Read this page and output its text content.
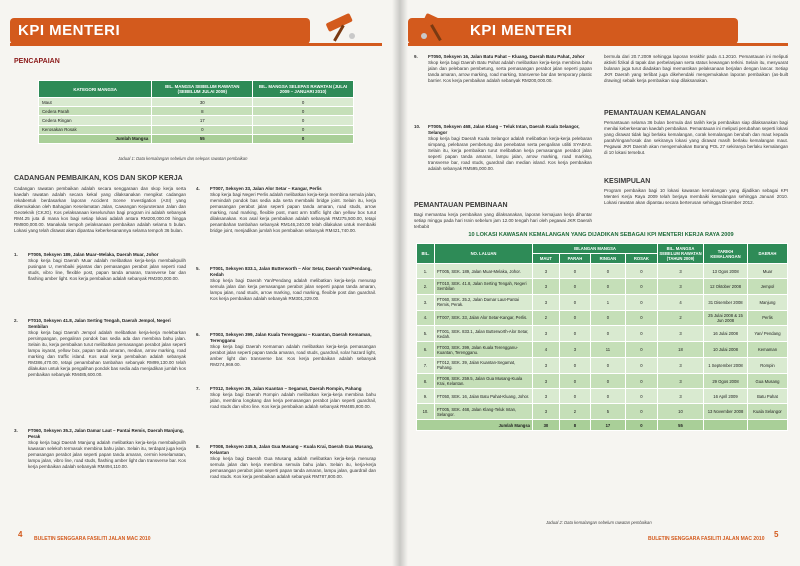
KPI MENTERI
PENCAPAIAN
KATEGORI MANGSA	BIL. MANGSA SEBELUM RAWATAN (SEBELUM JULAI 2009)	BIL. MANGSA SELEPAS RAWATAN (JULAI 2009 – JANUARI 2010)
Maut	30	0
Cedera Parah	8	0
Cedera Ringan	17	0
Kerosakan Rosak	0	0
Jumlah Mangsa	55	0
Jadual 1: Data kemalangan sebelum dan selepas rawatan pembaikan
CADANGAN PEMBAIKAN, KOS DAN SKOP KERJA
Cadangan rawatan pembaikan adalah secara senggaraan dan skop kerja serta kaedah rawatan adalah secara kekal yang dilaksanakan mengikut cadangan rekabentuk berdasarkan laporan Accident Scene Investigation (ASI) yang dikemukakan oleh Bahagian Keselamatan Jalan, Cawangan Kejuruteraan Jalan dan Geoteknik (CKJG). Kos pelaksanaan keseluruhan bagi program ini adalah sebanyak RM4.25 juta di mana kos bagi setiap lokasi adalah antara RM200,000.00 hingga RM800,000.00. Manakala tempoh pelaksanaan pembaikan adalah selama 5 bulan. Lokasi yang telah dirawat akan dipantau keberkesanannya selama tempoh 36 bulan.
1. FT005, Seksyen 189, Jalan Muar–Melaka, Daerah Muar, Johor
Skop kerja bagi Daerah Muar adalah melibatkan kerja-kerja membaikpulih pusingan U, membaiki jejantas dan pemasangan perabot jalan seperti road studs, vibro line, flexible post, papan tanda amaran, transverse bar dan flashing amber light. Kos kerja pembaikan adalah sebanyak RM200,000.00.
2. FT010, Seksyen 41.8, Jalan Serting Tengah, Daerah Jempol, Negeri Sembilan
Skop kerja bagi Daerah Jempol adalah melibatkan kerja-kerja melebarkan persimpangan, pengaliran pondok bas sedia ada dan membina bahu jalan. Selain itu, kerja pembaikan turut melibatkan pemasangan perabot jalan seperti lampu isyarat, yellow box, papan tanda amaran, median, arrow marking, road marking dan traffic island. Kos asal kerja pembaikan adalah sebanyak RM386,470.00, tetapi penambahan tambahan sebanyak RM99,130.00 telah dilakukan untuk kerja pengalihan pondok bas sedia ada menjadikan jumlah kos pembaikan sebanyak RM485,600.00.
3. FT060, Seksyen 35.2, Jalan Damar Laut – Pantai Remis, Daerah Manjung, Perak
Skop kerja bagi Daerah Manjung adalah melibatkan kerja-kerja membaikpulih kawasan selekoh termasuk membina bahu jalan. Selain itu, terdapat juga kerja pemasangan perabot jalan seperti papan tanda amaran, cermin keselamatan, lampu jalan, vibro line, road studs, flashing amber light dan transverse bar. Kos kerja pembaikan adalah sebanyak RM494,110.00.
4. FT007, Seksyen 33, Jalan Alor Setar – Kangar, Perlis
Skop kerja bagi Negeri Perlis adalah melibatkan kerja-kerja membina semula jalan, memindah pondok bas sedia ada serta membaiki bridge joint. Selain itu, kerja pemasangan perabot jalan seperti papan tanda amaran, road studs, arrow marking, road marking, flexible post, mast arm traffic light dan yellow box turut dilaksanakan. Kos asal kerja pembaikan adalah sebanyak RM275,500.00, tetapi penambahan tambahan sebanyak RM146,240.00 telah dilakukan untuk membaiki bridge joint, menjadikan jumlah kos pembaikan sebanyak RM421,740.00.
5. FT001, Seksyen 833.1, Jalan Butterworth – Alor Setar, Daerah Yan/Pendang, Kedah
Skop kerja bagi Daerah Yan/Pendang adalah melibatkan kerja-kerja menurap semula jalan dan kerja pemasangan perabot jalan seperti papan tanda amaran, lampu jalan, road studs, arrow marking, road marking, flexible post dan guardrail. Kos kerja pembaikan adalah sebanyak RM301,229.00.
6. FT003, Seksyen 399, Jalan Kuala Terengganu – Kuantan, Daerah Kemaman, Terengganu
Skop kerja bagi Daerah Kemaman adalah melibatkan kerja-kerja pemasangan perabot jalan seperti papan tanda amaran, road studs, guardrail, solar hazard light, amber light dan transverse bar. Kos kerja pembaikan adalah sebanyak RM274,969.00.
7. FT012, Seksyen 39, Jalan Kuantan – Segamat, Daerah Rompin, Pahang
Skop kerja bagi Daerah Rompin adalah melibatkan kerja-kerja membina bahu jalan, membina longkang dan kerja pemasangan perabot jalan seperti guardrail, road studs dan vibro line. Kos kerja pembaikan adalah sebanyak RM485,800.00.
8. FT008, Seksyen 245.5, Jalan Gua Musang – Kuala Krai, Daerah Gua Musang, Kelantan
Skop kerja bagi Daerah Gua Musang adalah melibatkan kerja-kerja menurap semula jalan dan kerja membina semula bahu jalan. Selain itu, kerja-kerja pemasangan perabot jalan seperti papan tanda amaran, lampu jalan, guardrail dan road studs. Kos kerja pembaikan adalah sebanyak RM787,800.00.
4 BULETIN SENGGARA FASILITI JALAN MAC 2010
KPI MENTERI
9. FT050, Seksyen 16, Jalan Batu Pahat – Kluang, Daerah Batu Pahat, Johor
Skop kerja bagi Daerah Batu Pahat adalah melibatkan kerja-kerja membina bahu jalan dan pelebaran pembetung, serta pemasangan perabot jalan seperti papan tanda amaran, arrow marking, road marking, transverse bar dan temporary plastic barrier. Kos kerja pembaikan adalah sebanyak RM200,000.00.
10. FT005, Seksyen 468, Jalan Klang – Teluk Intan, Daerah Kuala Selangor, Selangor
Skop kerja bagi Daerah Kuala Selangor adalah melibatkan kerja-kerja pelebaran simpang, pelebaran pembetung dan penebatan serta pengaliran utiliti SYABAS. Selain itu, kerja pembaikan turut melibatkan kerja pemasangan perabot jalan seperti papan tanda amaran, lampu jalan, arrow marking, road marking, transverse bar, road studs, guardrail dan median island. Kos kerja pembaikan adalah sebanyak RM595,000.00.
PEMANTAUAN PEMBINAAN
Bagi memantau kerja pembaikan yang dilaksanakan, laporan kemajuan kerja dihantar setiap minggu pada hari Isnin sebelum jam 12.00 tengah hari oleh pegawai JKR Daerah terbabit
bermula dari 20.7.2009 sehingga laporan terakhir pada 4.1.2010. Pemantauan ini meliputi aktiviti fizikal di tapak dan perbelanjaan serta status kewangan terkini. Selain itu, mesyuarat bulanan juga turut diadakan bagi memastikan pelaksanaan berjalan dengan lancar. Setiap JKR Daerah yang terlibat juga dikehendaki mengemukakan laporan pembaikan (as-built drawing) sebaik kerja pembaikan siap dilaksanakan.
PEMANTAUAN KEMALANGAN
Pemantauan selama 36 bulan bermula dari tarikh kerja pembaikan siap dilaksanakan bagi menilai keberkesanan kaedah pembaikan. Pemantauan ini meliputi perubahan seperti lokasi yang dirawat tidak lagi berlaku kemalangan, corak kemalangan berubah dan maut kepada parah/ringan/rosak dan sekiranya lokasi yang dirawat masih berlaku kemalangan maut. Pegawai JKR Daerah akan mengemukakan Borang POL 27 sekiranya berlaku kemalangan di 10 lokasi tersebut.
KESIMPULAN
Program pembaikan bagi 10 lokasi kawasan kemalangan yang dijadikan sebagai KPI Menteri Kerja Raya 2009 telah berjaya membaiki kemalangan sehingga Januari 2010. Lokasi rawatan akan dipantau secara berterusan sehingga Disember 2012.
10 LOKASI KAWASAN KEMALANGAN YANG DIJADIKAN SEBAGAI KPI MENTERI KERJA RAYA 2009
BIL.	NO. LALUAN	BILANGAN MANGSA				BIL. MANGSA SEBELUM RAWATAN (TAHUN 2009)	TARIKH KEMALANGAN	DAERAH
		MAUT	PARAH	RINGAN	ROSAK			
1.	FT005, SEK. 189, Jalan Muar-Melaka, Johor.	3	0	0	0	3	13 Ogos 2008	Muar
2.	FT010, SEK. 41.8, Jalan Serting Tengah, Negeri Sembilan	3	0	0	0	3	12 Oktober 2008	Jempol
3.	FT060, SEK. 35.2, Jalan Damar Laut-Pantai Remis, Perak.	3	0	1	0	4	31 Disember 2008	Manjung
4.	FT007, SEK. 33, Jalan Alor Setar-Kangar, Perlis.	2	0	0	0	2	25 Julai 2008 & 15 Jun 2008	Perlis
5.	FT001, SEK. 833.1, Jalan Butterworth-Alor Setar, Kedah.	3	0	0	0	3	16 Julai 2008	Yan/ Pendang
6.	FT003, SEK. 399, Jalan Kuala Terengganu-Kuantan, Terengganu.	4	3	11	0	18	10 Julai 2008	Kemaman
7.	FT012, SEK. 39, Jalan Kuantan-Segamat, Pahang.	3	0	0	0	3	1 September 2008	Rompin
8.	FT008, SEK. 259.5, Jalan Gua Musang-Kuala Krai, Kelantan.	3	0	0	0	3	29 Ogos 2008	Gua Musang
9.	FT050, SEK. 16, Jalan Batu Pahat-Kluang, Johor.	3	0	0	0	3	16 April 2009	Batu Pahat
10.	FT005, SEK. 468, Jalan Klang-Teluk Intan, Selangor.	3	2	5	0	10	13 November 2008	Kuala Selangor
Jumlah Mangsa		30	8	17	0	55		
Jadual 2: Data kemalangan sebelum rawatan pembaikan
BULETIN SENGGARA FASILITI JALAN MAC 2010 5
